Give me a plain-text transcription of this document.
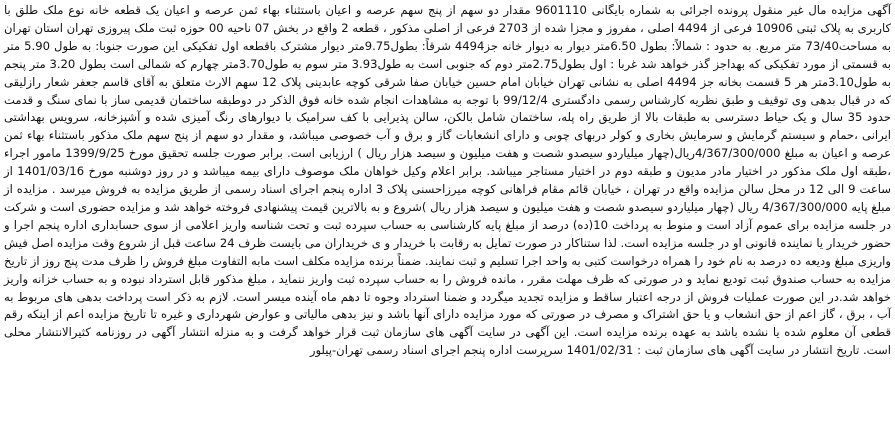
آگهی مزایده مال غیر منقول پرونده اجرائی به شماره بایگانی 9601110 مقدار دو سهم از پنج سهم عرصه و اعیان باستثناء بهاء ثمن عرصه و اعیان یک قطعه خانه نوع ملک طلق با کاربری به پلاک ثبتی 10906 فرعی از 4494 اصلی ، مفروز و مجزا شده از 2703 فرعی از اصلی مذکور ، قطعه 2 واقع در بخش 07 ناحیه 00 حوزه ثبت ملک پیروزی تهران استان تهران به مساحت73/40 متر مربع. به حدود : شمالاً: بطول 6.50متر دیوار به دیوار خانه جز4494 شرقاً: بطول9.75متر دیوار مشترک باقطعه اول تفکیکی این صورت جنوبا: به طول 5.90 متر به قسمتی از مورد تفکیکی که بهداجز گذر خواهد شد غربا : اول بطول2.75متر دوم که جنوبی است به طول3.93 متر سوم به طول3.70متر چهارم که شمالی است بطول 3.20 متر پنجم به طول3.10متر هر 5 قسمت بخانه جز 4494 اصلی به نشانی تهران خیابان امام حسین خیابان صفا شرقی کوچه عابدینی پلاک 12 سهم الارث متعلق به آقای قاسم جعفر شعار رازلیقی که در قبال بدهی وی توقیف و طبق نظریه کارشناس رسمی دادگستری 99/12/4 با توجه به مشاهدات انجام شده خانه فوق الذکر در دوطبقه ساختمان قدیمی ساز با نمای سنگ و قدمت حدود 35 سال و یک حیاط دسترسی به طبقات بالا از طریق راه پله، ساختمان شامل بالکن، سالن پذیرایی با کف سرامیک با دیوارهای رنگ آمیزی شده و آشپزخانه، سرویس بهداشتی ایرانی ،حمام و سیستم گرمایش و سرمایش بخاری و کولر دربهای چوبی و دارای انشعابات گاز و برق و آب خصوصی میباشد، و مقدار دو سهم از پنج سهم ملک مذکور باستثناء بهاء ثمن عرصه و اعیان به مبلغ 4/367/300/000ریال(چهار میلیاردو سیصدو شصت و هفت میلیون و سیصد هزار ریال ) ارزیابی است. برابر صورت جلسه تحقیق مورخ 1399/9/25 مامور اجراء ،طبقه اول ملک مذکور در اختیار مادر مدیون و طبقه دوم در اختیار مستاجر میباشد. برابر اعلام وکیل خواهان ملک موصوف دارای بیمه میباشد و در روز دوشنبه مورخ 1401/03/16 از ساعت 9 الی 12 در محل سالن مزایده واقع در تهران ، خیابان قائم مقام فراهانی کوچه میرزاحسنی پلاک 3 اداره پنجم اجرای اسناد رسمی از طریق مزایده به فروش میرسد . مزایده از مبلغ پایه 4/367/300/000 ریال (چهار میلیاردو سیصدو شصت و هفت میلیون و سیصد هزار ریال )شروع و به بالاترین قیمت پیشنهادی فروخته خواهد شد و مزایده حضوری است و شرکت در جلسه مزایده برای عموم آزاد است و منوط به پرداخت 10(ده) درصد از مبلغ پایه کارشناسی به حساب سپرده ثبت و تحت شناسه واریز اعلامی از سوی حسابداری اداره پنجم اجرا و حضور خریدار یا نماینده قانونی او در جلسه مزایده است. لذا ستناکار در صورت تمایل به رقابت با خریدار و ی خریداران می بایست ظرف 24 ساعت قبل از شروع وقت مزایده اصل فیش واریزی مبلغ ودیعه ده درصد به نام خود را همراه درخواست کتبی به واحد اجرا تسلیم و ثبت نمایند. ضمناً برنده مزایده مکلف است مابه التفاوت مبلغ فروش را ظرف مدت پنج روز از تاریخ مزایده به حساب صندوق ثبت تودیع نماید و در صورتی که ظرف مهلت مقرر ، مانده فروش را به حساب سپرده ثبت واریز ننماید ، مبلغ مذکور قابل استرداد نبوده و به حساب خزانه واریز خواهد شد.در این صورت عملیات فروش از درجه اعتبار ساقط و مزایده تجدید میگردد و ضمنا استرداد وجوه تا دهم ماه آینده میسر است. لازم به ذکر است پرداخت بدهی های مربوط به آب ، برق ، گاز اعم از حق انشعاب و یا حق اشتراک و مصرف در صورتی که مورد مزایده دارای آنها باشد و نیز بدهی مالیاتی و عوارض شهرداری و غیره تا تاریخ مزایده اعم از اینکه رقم قطعی آن معلوم شده یا نشده باشد به عهده برنده مزایده است. این آگهی در سایت آگهی های سازمان ثبت قرار خواهد گرفت و به منزله انتشار آگهی در روزنامه کثیرالانتشار محلی است. تاریخ انتشار در سایت آگهی های سازمان ثبت : 1401/02/31 سرپرست اداره پنجم اجرای اسناد رسمی تهران-پیلور
